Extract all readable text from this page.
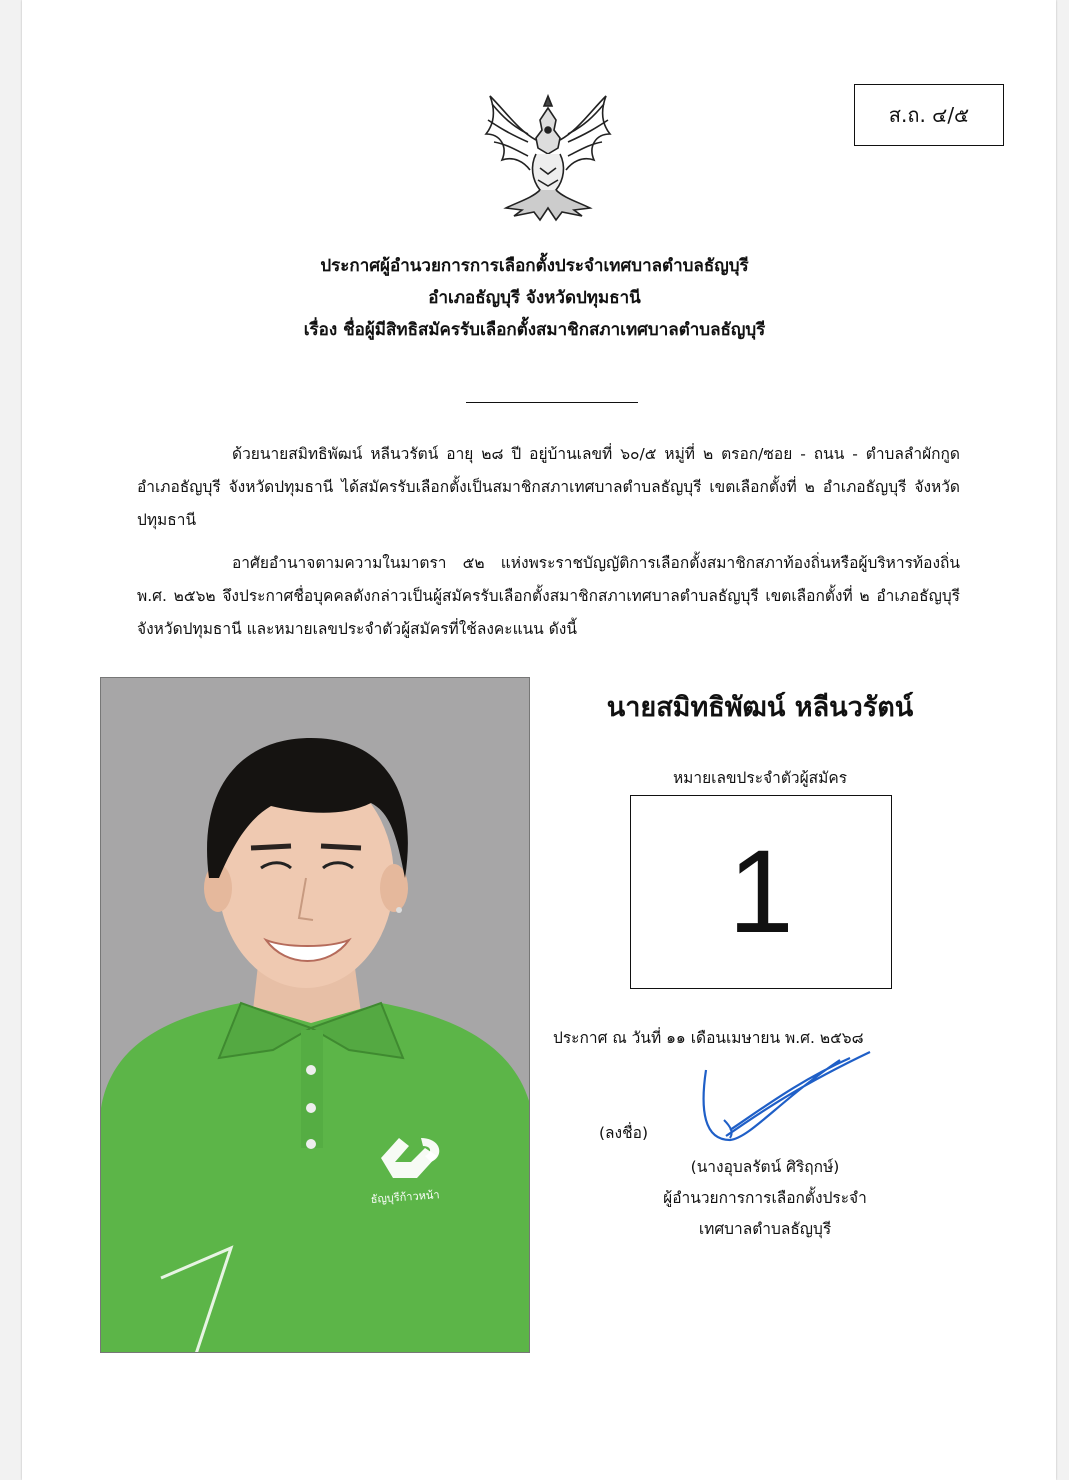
ส.ถ. ๔/๕
ประกาศผู้อำนวยการการเลือกตั้งประจำเทศบาลตำบลธัญบุรี
อำเภอธัญบุรี จังหวัดปทุมธานี
เรื่อง ชื่อผู้มีสิทธิสมัครรับเลือกตั้งสมาชิกสภาเทศบาลตำบลธัญบุรี
ด้วยนายสมิทธิพัฒน์ หลีนวรัตน์ อายุ ๒๘ ปี อยู่บ้านเลขที่ ๖๐/๕ หมู่ที่ ๒ ตรอก/ซอย - ถนน - ตำบลลำผักกูด อำเภอธัญบุรี จังหวัดปทุมธานี ได้สมัครรับเลือกตั้งเป็นสมาชิกสภาเทศบาลตำบลธัญบุรี เขตเลือกตั้งที่ ๒ อำเภอธัญบุรี จังหวัดปทุมธานี
อาศัยอำนาจตามความในมาตรา ๕๒ แห่งพระราชบัญญัติการเลือกตั้งสมาชิกสภาท้องถิ่นหรือผู้บริหารท้องถิ่น พ.ศ. ๒๕๖๒ จึงประกาศชื่อบุคคลดังกล่าวเป็นผู้สมัครรับเลือกตั้งสมาชิกสภาเทศบาลตำบลธัญบุรี เขตเลือกตั้งที่ ๒ อำเภอธัญบุรี จังหวัดปทุมธานี และหมายเลขประจำตัวผู้สมัครที่ใช้ลงคะแนน ดังนี้
ธัญบุรีก้าวหน้า
นายสมิทธิพัฒน์ หลีนวรัตน์
หมายเลขประจำตัวผู้สมัคร
1
ประกาศ ณ วันที่ ๑๑ เดือนเมษายน พ.ศ. ๒๕๖๘
(ลงชื่อ)
(นางอุบลรัตน์ ศิริฤกษ์)
ผู้อำนวยการการเลือกตั้งประจำ
เทศบาลตำบลธัญบุรี
